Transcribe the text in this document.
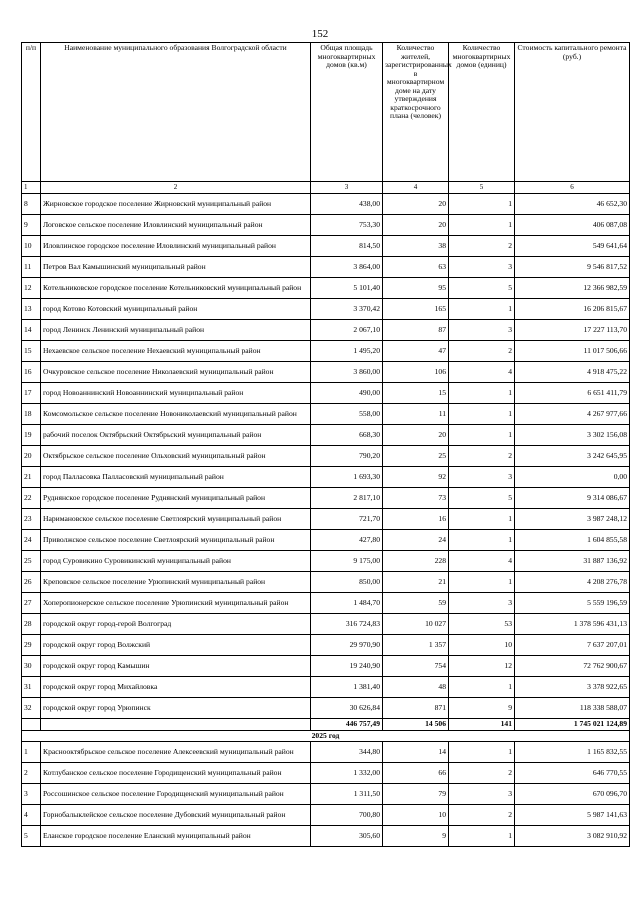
152
п/п	Наименование муниципального образования Волгоградской области	Общая площадь многоквартирных домов (кв.м)	Количество жителей, зарегистрированных в многоквартирном доме на дату утверждения краткосрочного плана (человек)	Количество многоквартирных домов (единиц)	Стоимость капитального ремонта (руб.)
1	2	3	4	5	6
8	Жирновское городское поселение Жирновский муниципальный район	438,00	20	1	46 652,30
9	Логовское сельское поселение Иловлинский муниципальный район	753,30	20	1	406 087,08
10	Иловлинское городское поселение Иловлинский муниципальный район	814,50	38	2	549 641,64
11	Петров Вал Камышинский муниципальный район	3 864,00	63	3	9 546 817,52
12	Котельниковское городское поселение Котельниковский муниципальный район	5 101,40	95	5	12 366 982,59
13	город Котово Котовский муниципальный район	3 370,42	165	1	16 206 815,67
14	город Ленинск Ленинский муниципальный район	2 067,10	87	3	17 227 113,70
15	Нехаевское сельское поселение Нехаевский муниципальный район	1 495,20	47	2	11 017 506,66
16	Очкуровское сельское поселение Николаевский муниципальный район	3 860,00	106	4	4 918 475,22
17	город Новоаннинский Новоаннинский муниципальный район	490,00	15	1	6 651 411,79
18	Комсомольское сельское поселение Новониколаевский муниципальный район	558,00	11	1	4 267 977,66
19	рабочий поселок Октябрьский Октябрьский муниципальный район	668,30	20	1	3 302 156,08
20	Октябрьское сельское поселение Ольховский муниципальный район	790,20	25	2	3 242 645,95
21	город Палласовка Палласовский муниципальный район	1 693,30	92	3	0,00
22	Руднянское городское поселение Руднянский муниципальный район	2 817,10	73	5	9 314 086,67
23	Наримановское сельское поселение Светлоярский муниципальный район	721,70	16	1	3 987 248,12
24	Приволжское сельское поселение Светлоярский муниципальный район	427,80	24	1	1 604 855,58
25	город Суровикино Суровикинский муниципальный район	9 175,00	228	4	31 887 136,92
26	Креповское сельское поселение Урюпинский муниципальный район	850,00	21	1	4 208 276,78
27	Хоперопионерское сельское поселение Урюпинский муниципальный район	1 484,70	59	3	5 559 196,59
28	городской округ город-герой Волгоград	316 724,83	10 027	53	1 378 596 431,13
29	городской округ город Волжский	29 970,90	1 357	10	7 637 207,01
30	городской округ город Камышин	19 240,90	754	12	72 762 900,67
31	городской округ город Михайловка	1 381,40	48	1	3 378 922,65
32	городской округ город Урюпинск	30 626,84	871	9	118 338 588,07
		446 757,49	14 506	141	1 745 021 124,89
2025 год					
1	Краснооктябрьское сельское поселение Алексеевский муниципальный район	344,80	14	1	1 165 832,55
2	Котлубанское сельское поселение Городищенский муниципальный район	1 332,00	66	2	646 770,55
3	Россошинское сельское поселение Городищенский муниципальный район	1 311,50	79	3	670 096,70
4	Горнобалыклейское сельское поселение Дубовский муниципальный район	700,80	10	2	5 987 141,63
5	Еланское городское поселение Еланский муниципальный район	305,60	9	1	3 082 910,92
